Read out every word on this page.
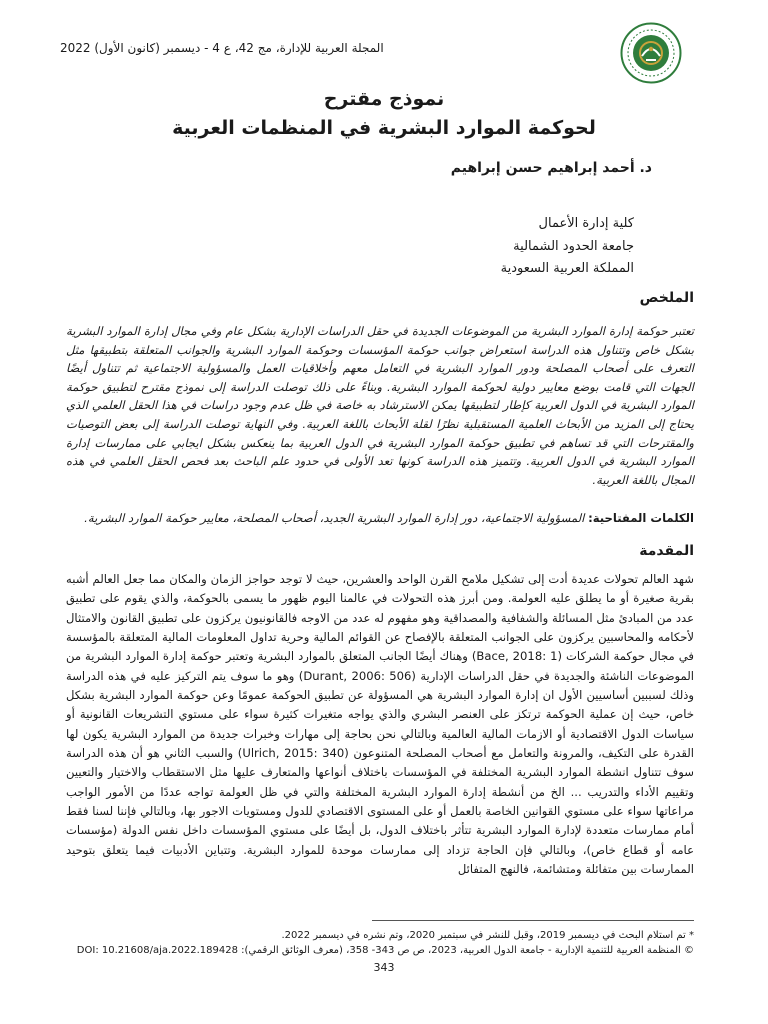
المجلة العربية للإدارة، مج 42، ع 4 - ديسمبر (كانون الأول) 2022
نموذج مقترح
لحوكمة الموارد البشرية في المنظمات العربية
د. أحمد إبراهيم حسن إبراهيم
كلية إدارة الأعمال
جامعة الحدود الشمالية
المملكة العربية السعودية
الملخص
تعتبر حوكمة إدارة الموارد البشرية من الموضوعات الجديدة في حقل الدراسات الإدارية بشكل عام وفي مجال إدارة الموارد البشرية بشكل خاص وتتناول هذه الدراسة استعراض جوانب حوكمة المؤسسات وحوكمة الموارد البشرية والجوانب المتعلقة بتطبيقها مثل التعرف على أصحاب المصلحة ودور الموارد البشرية في التعامل معهم وأخلاقيات العمل والمسؤولية الاجتماعية ثم تتناول أيضًا الجهات التي قامت بوضع معايير دولية لحوكمة الموارد البشرية. وبناءً على ذلك توصلت الدراسة إلى نموذج مقترح لتطبيق حوكمة الموارد البشرية في الدول العربية كإطار لتطبيقها يمكن الاسترشاد به خاصة في ظل عدم وجود دراسات في هذا الحقل العلمي الذي يحتاج إلى المزيد من الأبحاث العلمية المستقبلية نظرًا لقلة الأبحاث باللغة العربية. وفي النهاية توصلت الدراسة إلى بعض التوصيات والمقترحات التي قد تساهم في تطبيق حوكمة الموارد البشرية في الدول العربية بما ينعكس بشكل ايجابي على ممارسات إدارة الموارد البشرية في الدول العربية. وتتميز هذه الدراسة كونها تعد الأولى في حدود علم الباحث بعد فحص الحقل العلمي في هذه المجال باللغة العربية.
الكلمات المفتاحية: المسؤولية الاجتماعية، دور إدارة الموارد البشرية الجديد، أصحاب المصلحة، معايير حوكمة الموارد البشرية.
المقدمة
شهد العالم تحولات عديدة أدت إلى تشكيل ملامح القرن الواحد والعشرين، حيث لا توجد حواجز الزمان والمكان مما جعل العالم أشبه بقرية صغيرة أو ما يطلق عليه العولمة. ومن أبرز هذه التحولات في عالمنا اليوم ظهور ما يسمى بالحوكمة، والذي يقوم على تطبيق عدد من المبادئ مثل المسائلة والشفافية والمصداقية وهو مفهوم له عدد من الاوجه فالقانونيون يركزون على تطبيق القانون والامتثال لأحكامه والمحاسبين يركزون على الجوانب المتعلقة بالإفصاح عن القوائم المالية وحرية تداول المعلومات المالية المتعلقة بالمؤسسة في مجال حوكمة الشركات (Bace, 2018: 1) وهناك أيضًا الجانب المتعلق بالموارد البشرية وتعتبر حوكمة إدارة الموارد البشرية من الموضوعات الناشئة والجديدة في حقل الدراسات الإدارية (Durant, 2006: 506) وهو ما سوف يتم التركيز عليه في هذه الدراسة وذلك لسببين أساسيين الأول ان إدارة الموارد البشرية هي المسؤولة عن تطبيق الحوكمة عمومًا وعن حوكمة الموارد البشرية بشكل خاص، حيث إن عملية الحوكمة ترتكز على العنصر البشري والذي يواجه متغيرات كثيرة سواء على مستوي التشريعات القانونية أو سياسات الدول الاقتصادية أو الازمات المالية العالمية وبالتالي نحن بحاجة إلى مهارات وخبرات جديدة من الموارد البشرية يكون لها القدرة على التكيف، والمرونة والتعامل مع أصحاب المصلحة المتنوعون (Ulrich, 2015: 340) والسبب الثاني هو أن هذه الدراسة سوف تتناول انشطة الموارد البشرية المختلفة في المؤسسات باختلاف أنواعها والمتعارف عليها مثل الاستقطاب والاختيار والتعيين وتقييم الأداء والتدريب ... الخ من أنشطة إدارة الموارد البشرية المختلفة والتي في ظل العولمة تواجه عددًا من الأمور الواجب مراعاتها سواء على مستوي القوانين الخاصة بالعمل أو على المستوى الاقتصادي للدول ومستويات الاجور بها، وبالتالي فإننا لسنا فقط أمام ممارسات متعددة لإدارة الموارد البشرية تتأثر باختلاف الدول، بل أيضًا على مستوي المؤسسات داخل نفس الدولة (مؤسسات عامه أو قطاع خاص)، وبالتالي فإن الحاجة تزداد إلى ممارسات موحدة للموارد البشرية. وتتباين الأدبيات فيما يتعلق بتوحيد الممارسات بين متفائلة ومتشائمة، فالنهج المتفائل
* تم استلام البحث في ديسمبر 2019، وقبل للنشر في سبتمبر 2020، وتم نشره في ديسمبر 2022.
© المنظمة العربية للتنمية الإدارية - جامعة الدول العربية، 2023، ص ص 343- 358، (معرف الوثائق الرقمي): DOI: 10.21608/aja.2022.189428
343
